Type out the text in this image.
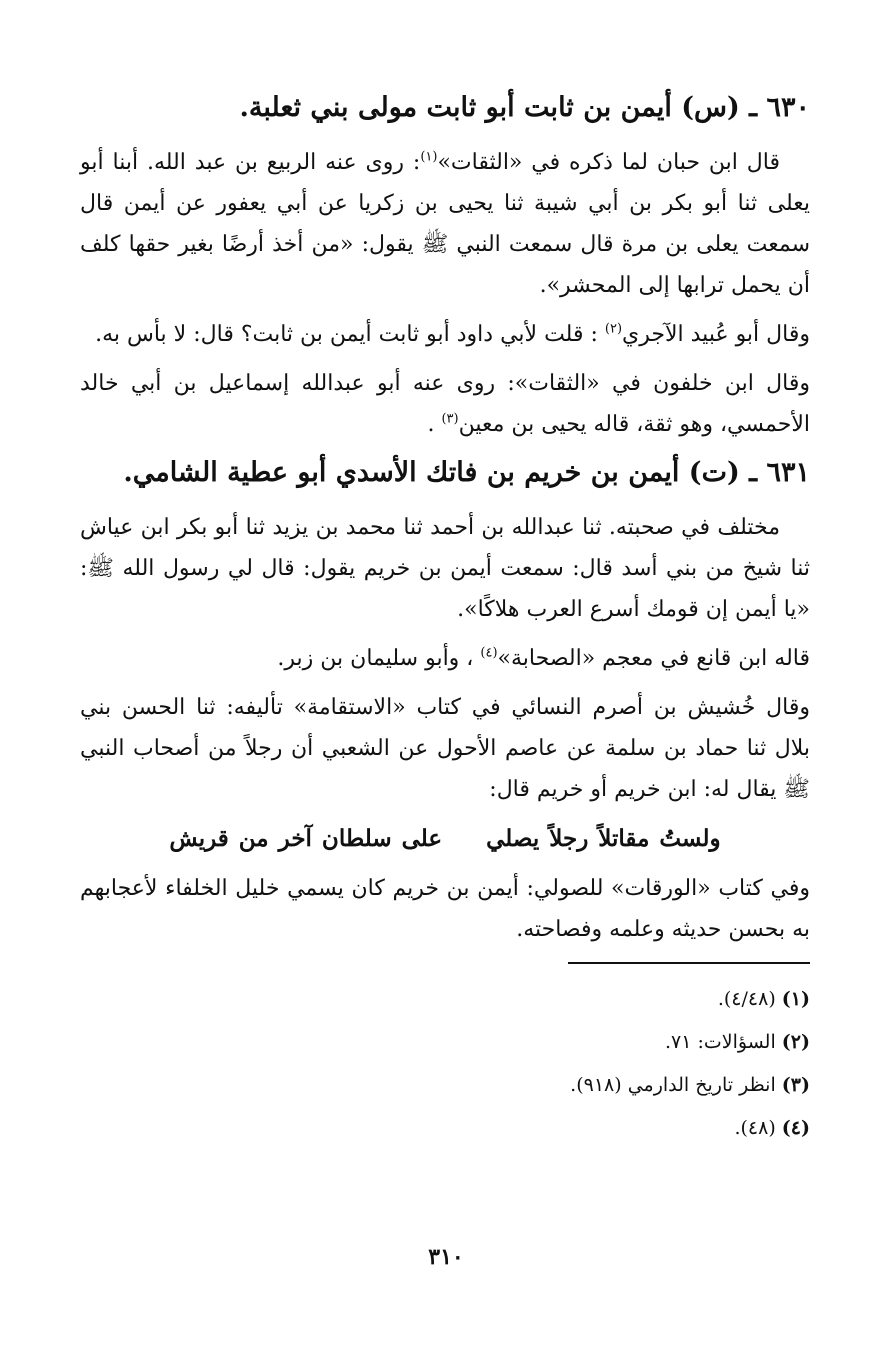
٦٣٠ ـ (س) أيمن بن ثابت أبو ثابت مولى بني ثعلبة.

قال ابن حبان لما ذكره في «الثقات»$^{(١)}$: روى عنه الربيع بن عبد الله. أبنا أبو يعلى ثنا أبو بكر بن أبي شيبة ثنا يحيى بن زكريا عن أبي يعفور عن أيمن قال سمعت يعلى بن مرة قال سمعت النبي ﷺ يقول: «من أخذ أرضًا بغير حقها كلف أن يحمل ترابها إلى المحشر».

وقال أبو عُبيد الآجري$^{(٢)}$ : قلت لأبي داود أبو ثابت أيمن بن ثابت؟ قال: لا بأس به.

وقال ابن خلفون في «الثقات»: روى عنه أبو عبدالله إسماعيل بن أبي خالد الأحمسي، وهو ثقة، قاله يحيى بن معين$^{(٣)}$ .

٦٣١ ـ (ت) أيمن بن خريم بن فاتك الأسدي أبو عطية الشامي.

مختلف في صحبته. ثنا عبدالله بن أحمد ثنا محمد بن يزيد ثنا أبو بكر ابن عياش ثنا شيخ من بني أسد قال: سمعت أيمن بن خريم يقول: قال لي رسول الله ﷺ: «يا أيمن إن قومك أسرع العرب هلاكًا».

قاله ابن قانع في معجم «الصحابة»$^{(٤)}$ ، وأبو سليمان بن زبر.

وقال خُشيش بن أصرم النسائي في كتاب «الاستقامة» تأليفه: ثنا الحسن بني بلال ثنا حماد بن سلمة عن عاصم الأحول عن الشعبي أن رجلاً من أصحاب النبي ﷺ يقال له: ابن خريم أو خريم قال:

ولستُ مقاتلاً رجلاً يصليعلى سلطان آخر من قريش

وفي كتاب «الورقات» للصولي: أيمن بن خريم كان يسمي خليل الخلفاء لأعجابهم به بحسن حديثه وعلمه وفصاحته.

(١) (٤/٤٨).
(٢) السؤالات: ٧١.
(٣) انظر تاريخ الدارمي (٩١٨).
(٤) (٤٨).
٣١٠
